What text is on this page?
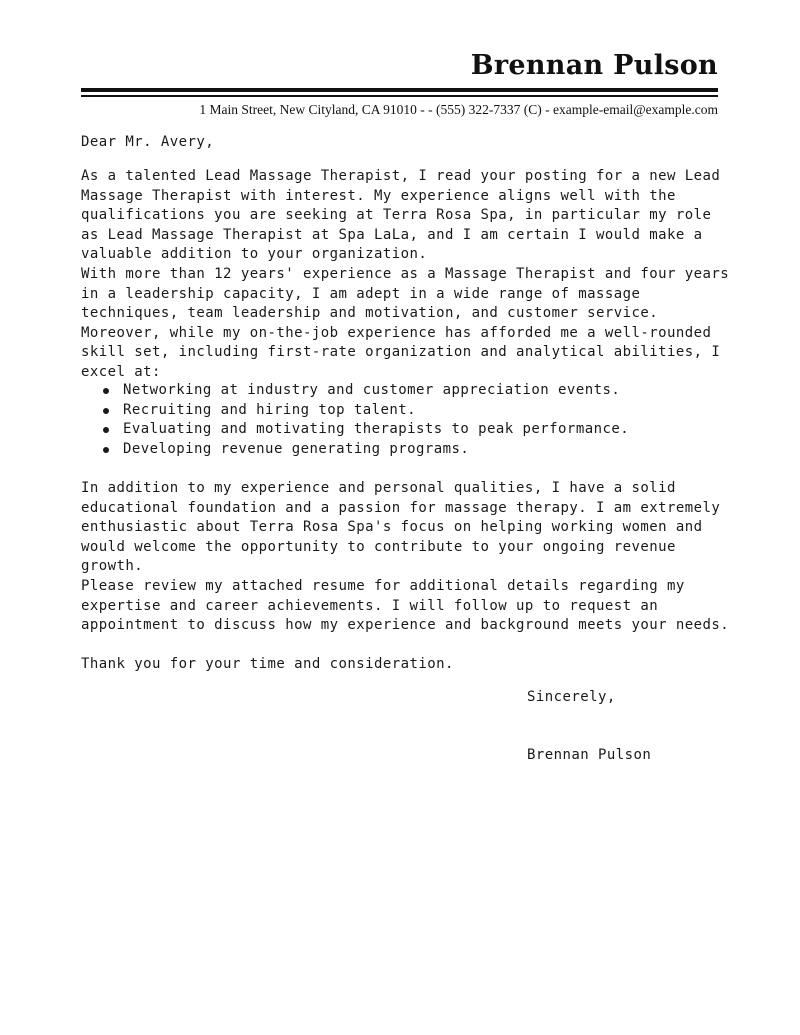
Brennan Pulson
1 Main Street, New Cityland, CA 91010 - - (555) 322-7337 (C) - example-email@example.com
Dear Mr. Avery,
As a talented Lead Massage Therapist, I read your posting for a new Lead Massage Therapist with interest. My experience aligns well with the qualifications you are seeking at Terra Rosa Spa, in particular my role as Lead Massage Therapist at Spa LaLa, and I am certain I would make a valuable addition to your organization.
With more than 12 years' experience as a Massage Therapist and four years in a leadership capacity, I am adept in a wide range of massage techniques, team leadership and motivation, and customer service. Moreover, while my on-the-job experience has afforded me a well-rounded skill set, including first-rate organization and analytical abilities, I excel at:
Networking at industry and customer appreciation events.
Recruiting and hiring top talent.
Evaluating and motivating therapists to peak performance.
Developing revenue generating programs.
In addition to my experience and personal qualities, I have a solid educational foundation and a passion for massage therapy. I am extremely enthusiastic about Terra Rosa Spa's focus on helping working women and would welcome the opportunity to contribute to your ongoing revenue growth.
Please review my attached resume for additional details regarding my expertise and career achievements. I will follow up to request an appointment to discuss how my experience and background meets your needs.
Thank you for your time and consideration.
Sincerely,
Brennan Pulson
